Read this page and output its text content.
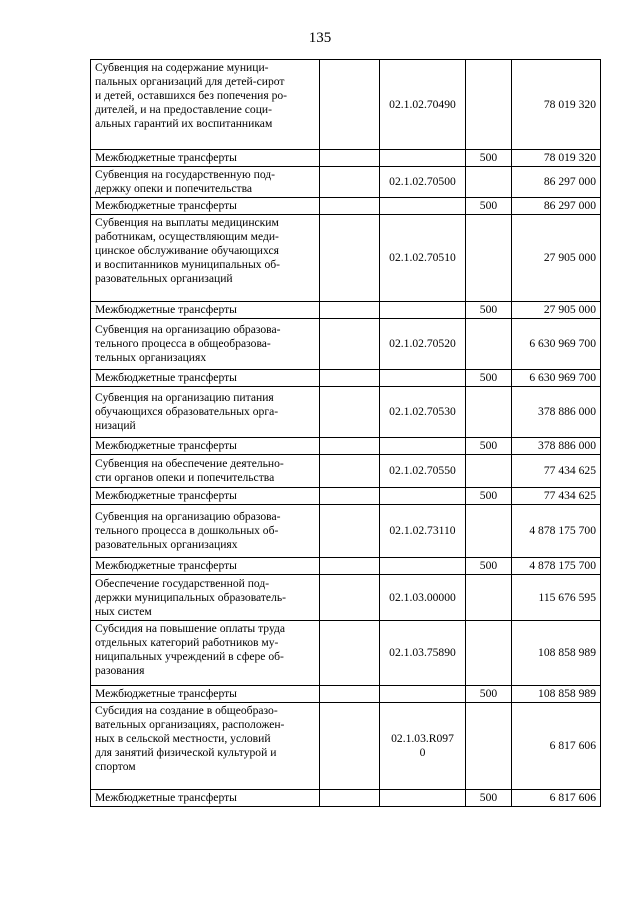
135
Субвенция на содержание муници-
пальных организаций для детей-сирот
и детей, оставшихся без попечения ро-
дителей, и на предоставление соци-
альных гарантий их воспитанникам		02.1.02.70490		78 019 320
Межбюджетные трансферты			500	78 019 320
Субвенция на государственную под-
держку опеки и попечительства		02.1.02.70500		86 297 000
Межбюджетные трансферты			500	86 297 000
Субвенция на выплаты медицинским
работникам, осуществляющим меди-
цинское обслуживание обучающихся
и воспитанников муниципальных об-
разовательных организаций		02.1.02.70510		27 905 000
Межбюджетные трансферты			500	27 905 000
Субвенция на организацию образова-
тельного процесса в общеобразова-
тельных организациях		02.1.02.70520		6 630 969 700
Межбюджетные трансферты			500	6 630 969 700
Субвенция на организацию питания
обучающихся образовательных орга-
низаций		02.1.02.70530		378 886 000
Межбюджетные трансферты			500	378 886 000
Субвенция на обеспечение деятельно-
сти органов опеки и попечительства		02.1.02.70550		77 434 625
Межбюджетные трансферты			500	77 434 625
Субвенция на организацию образова-
тельного процесса в дошкольных об-
разовательных организациях		02.1.02.73110		4 878 175 700
Межбюджетные трансферты			500	4 878 175 700
Обеспечение государственной под-
держки муниципальных образователь-
ных систем		02.1.03.00000		115 676 595
Субсидия на повышение оплаты труда
отдельных категорий работников му-
ниципальных учреждений в сфере об-
разования		02.1.03.75890		108 858 989
Межбюджетные трансферты			500	108 858 989
Субсидия на создание в общеобразо-
вательных организациях, расположен-
ных в сельской местности, условий
для занятий физической культурой и
спортом		02.1.03.R097
0		6 817 606
Межбюджетные трансферты			500	6 817 606
